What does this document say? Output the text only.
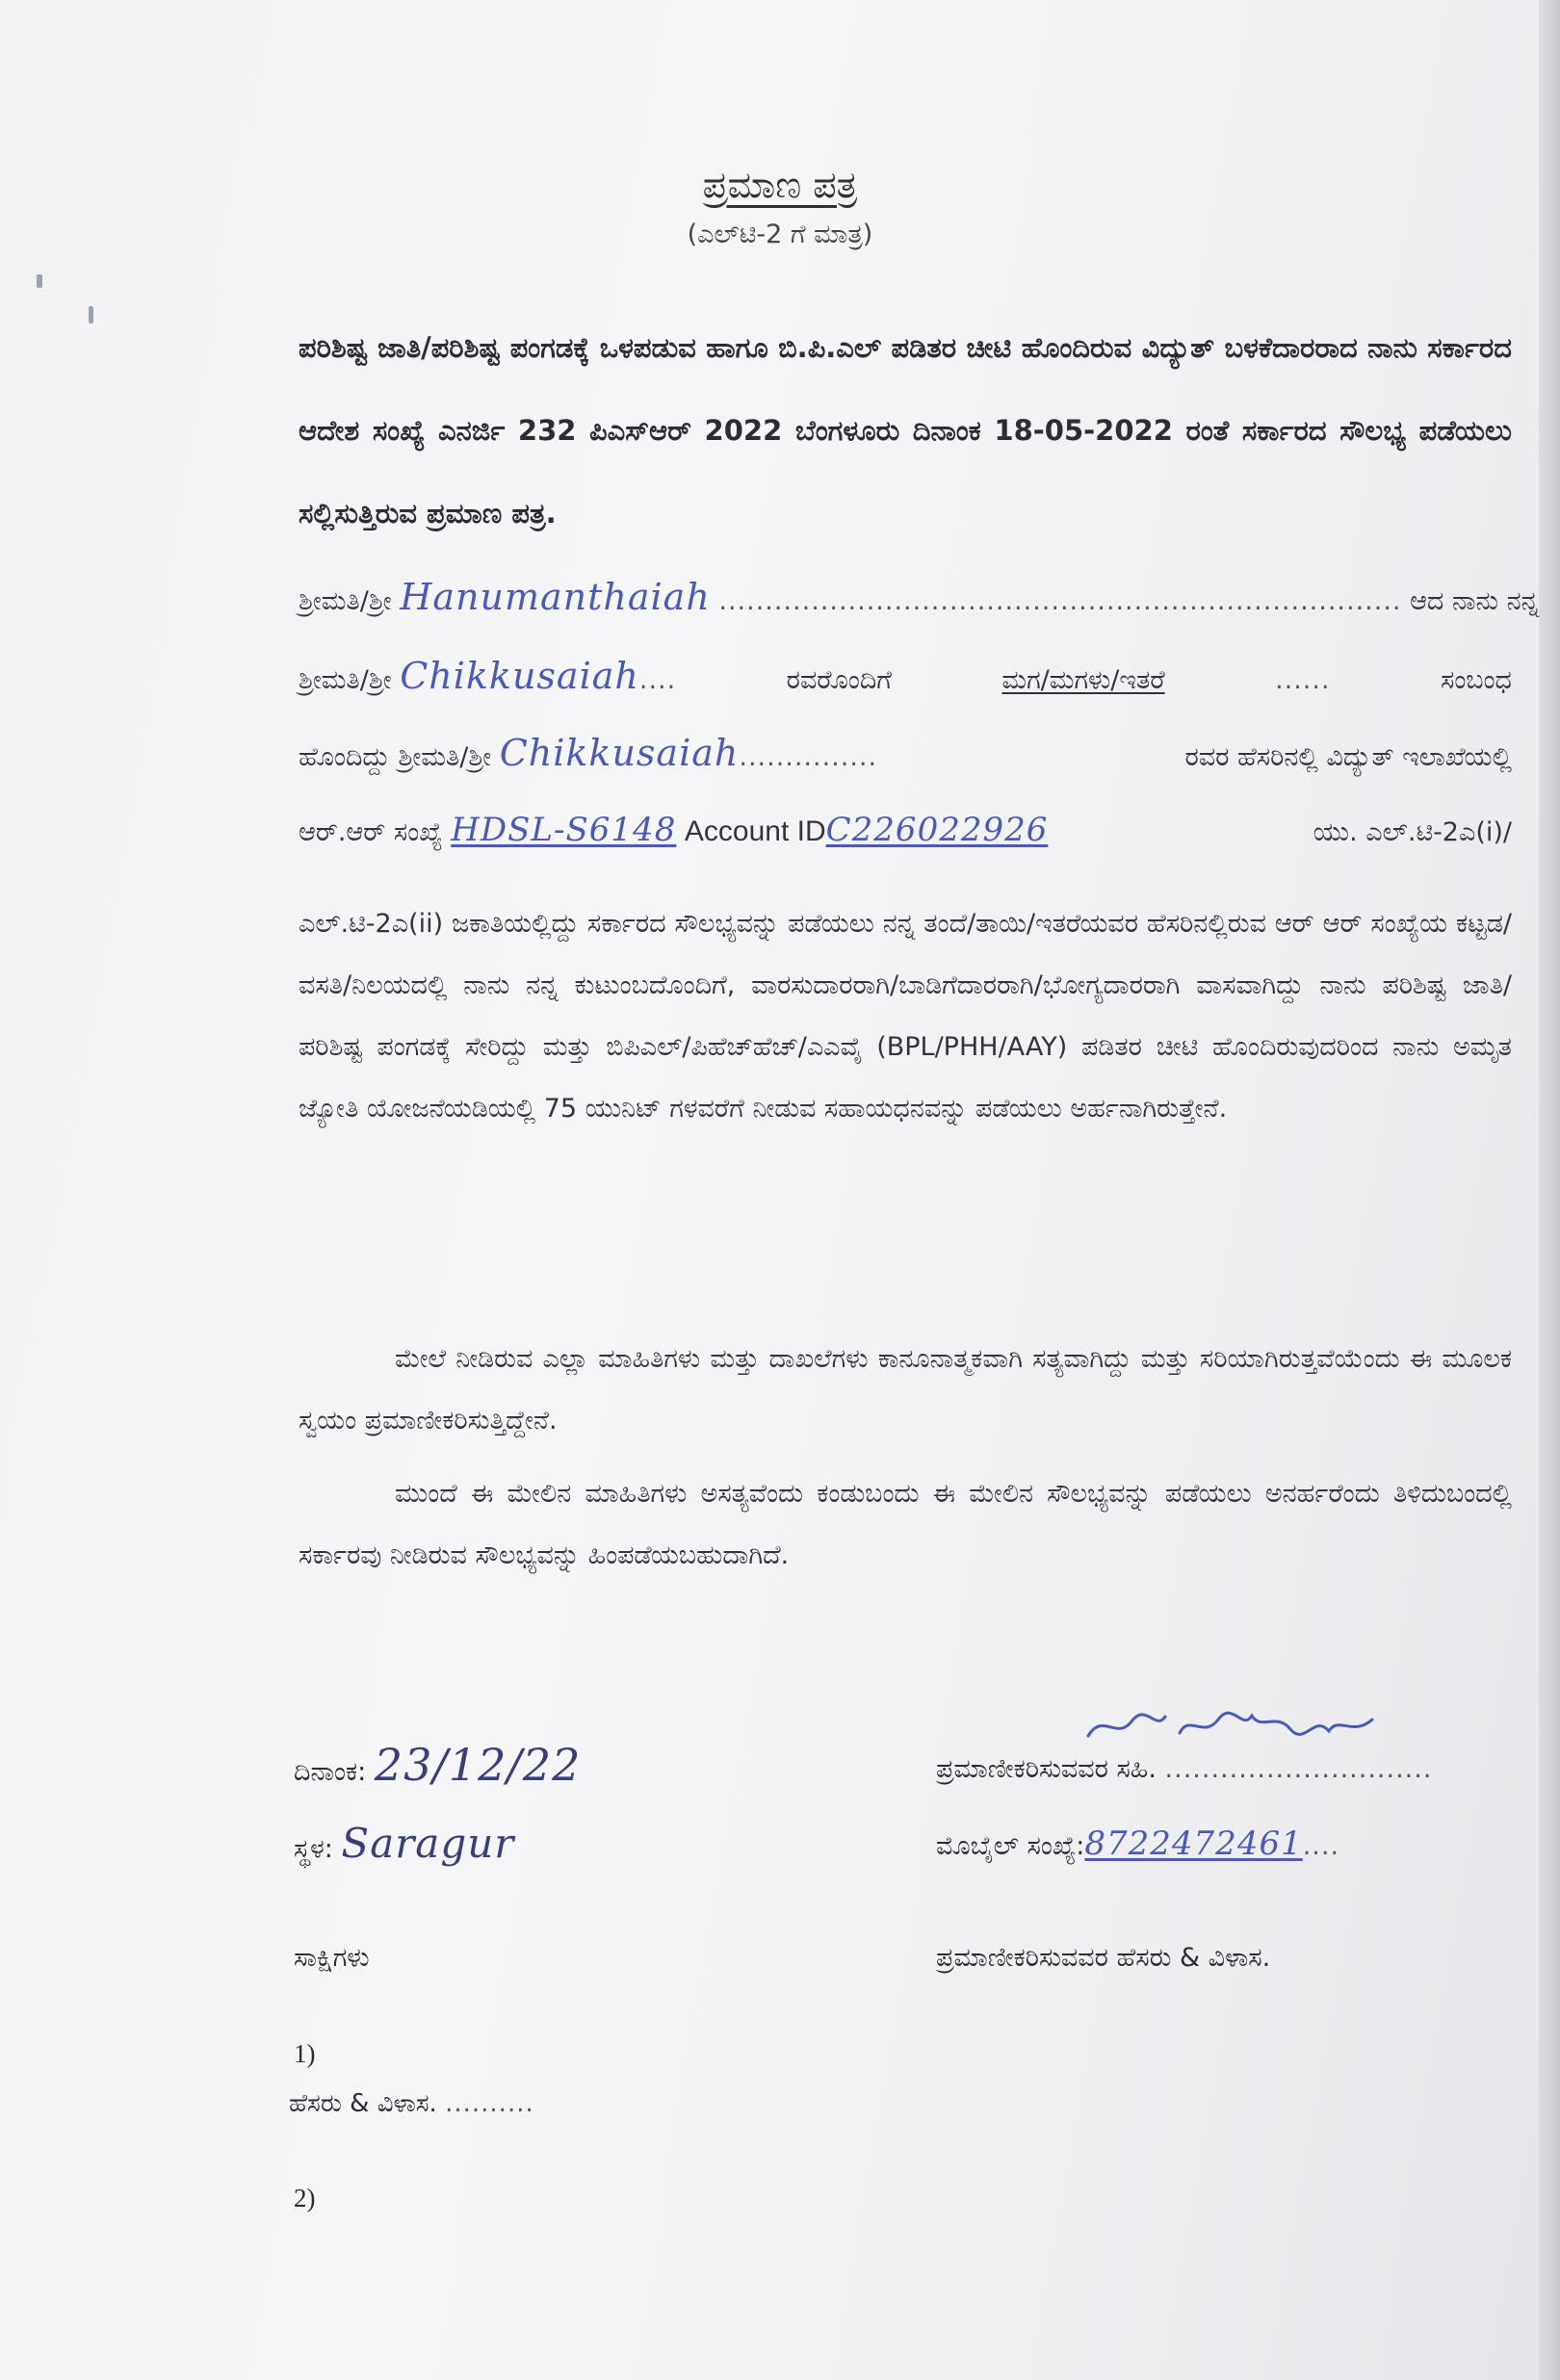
ಪ್ರಮಾಣ ಪತ್ರ
(ಎಲ್‌ಟಿ-2 ಗೆ ಮಾತ್ರ)
ಪರಿಶಿಷ್ಟ ಜಾತಿ/ಪರಿಶಿಷ್ಟ ಪಂಗಡಕ್ಕೆ ಒಳಪಡುವ ಹಾಗೂ ಬಿ.ಪಿ.ಎಲ್ ಪಡಿತರ ಚೀಟಿ ಹೊಂದಿರುವ ವಿದ್ಯುತ್ ಬಳಕೆದಾರರಾದ ನಾನು ಸರ್ಕಾರದ ಆದೇಶ ಸಂಖ್ಯೆ ಎನರ್ಜಿ 232 ಪಿಎಸ್‌ಆರ್ 2022 ಬೆಂಗಳೂರು ದಿನಾಂಕ 18-05-2022 ರಂತೆ ಸರ್ಕಾರದ ಸೌಲಭ್ಯ ಪಡೆಯಲು ಸಲ್ಲಿಸುತ್ತಿರುವ ಪ್ರಮಾಣ ಪತ್ರ.
ಶ್ರೀಮತಿ/ಶ್ರೀ Hanumanthaiah .......................................................................... ಆದ ನಾನು ನನ್ನ
ಶ್ರೀಮತಿ/ಶ್ರೀ Chikkusaiah....	ರವರೊಂದಿಗೆ	ಮಗ/ಮಗಳು/ಇತರೆ	......	ಸಂಬಂಧ
ಹೊಂದಿದ್ದು ಶ್ರೀಮತಿ/ಶ್ರೀ Chikkusaiah...............	ರವರ ಹೆಸರಿನಲ್ಲಿ ವಿದ್ಯುತ್ ಇಲಾಖೆಯಲ್ಲಿ
ಆರ್.ಆರ್ ಸಂಖ್ಯೆ HDSL-S6148 Account IDC226022926	ಯು. ಎಲ್.ಟಿ-2ಎ(i)/
ಎಲ್.ಟಿ-2ಎ(ii) ಜಕಾತಿಯಲ್ಲಿದ್ದು ಸರ್ಕಾರದ ಸೌಲಭ್ಯವನ್ನು ಪಡೆಯಲು ನನ್ನ ತಂದೆ/ತಾಯಿ/ಇತರೆಯವರ ಹೆಸರಿನಲ್ಲಿರುವ ಆರ್ ಆರ್ ಸಂಖ್ಯೆಯ ಕಟ್ಟಡ/ವಸತಿ/ನಿಲಯದಲ್ಲಿ ನಾನು ನನ್ನ ಕುಟುಂಬದೊಂದಿಗೆ, ವಾರಸುದಾರರಾಗಿ/ಬಾಡಿಗೆದಾರರಾಗಿ/ಭೋಗ್ಯದಾರರಾಗಿ ವಾಸವಾಗಿದ್ದು ನಾನು ಪರಿಶಿಷ್ಟ ಜಾತಿ/ಪರಿಶಿಷ್ಟ ಪಂಗಡಕ್ಕೆ ಸೇರಿದ್ದು ಮತ್ತು ಬಿಪಿಎಲ್/ಪಿಹೆಚ್‌ಹೆಚ್/ಎಎವೈ (BPL/PHH/AAY) ಪಡಿತರ ಚೀಟಿ ಹೊಂದಿರುವುದರಿಂದ ನಾನು ಅಮೃತ ಜ್ಯೋತಿ ಯೋಜನೆಯಡಿಯಲ್ಲಿ 75 ಯುನಿಟ್ ಗಳವರೆಗೆ ನೀಡುವ ಸಹಾಯಧನವನ್ನು ಪಡೆಯಲು ಅರ್ಹನಾಗಿರುತ್ತೇನೆ.
ಮೇಲೆ ನೀಡಿರುವ ಎಲ್ಲಾ ಮಾಹಿತಿಗಳು ಮತ್ತು ದಾಖಲೆಗಳು ಕಾನೂನಾತ್ಮಕವಾಗಿ ಸತ್ಯವಾಗಿದ್ದು ಮತ್ತು ಸರಿಯಾಗಿರುತ್ತವೆಯೆಂದು ಈ ಮೂಲಕ ಸ್ವಯಂ ಪ್ರಮಾಣೀಕರಿಸುತ್ತಿದ್ದೇನೆ.
ಮುಂದೆ ಈ ಮೇಲಿನ ಮಾಹಿತಿಗಳು ಅಸತ್ಯವೆಂದು ಕಂಡುಬಂದು ಈ ಮೇಲಿನ ಸೌಲಭ್ಯವನ್ನು ಪಡೆಯಲು ಅನರ್ಹರೆಂದು ತಿಳಿದುಬಂದಲ್ಲಿ ಸರ್ಕಾರವು ನೀಡಿರುವ ಸೌಲಭ್ಯವನ್ನು ಹಿಂಪಡೆಯಬಹುದಾಗಿದೆ.
ದಿನಾಂಕ: 23/12/22	ಪ್ರಮಾಣೀಕರಿಸುವವರ ಸಹಿ. .............................
ಸ್ಥಳ: Saragur	ಮೊಬೈಲ್ ಸಂಖ್ಯೆ:8722472461....
ಸಾಕ್ಷಿಗಳು	ಪ್ರಮಾಣೀಕರಿಸುವವರ ಹೆಸರು & ವಿಳಾಸ.
1)
ಹೆಸರು & ವಿಳಾಸ. ..........
2)
